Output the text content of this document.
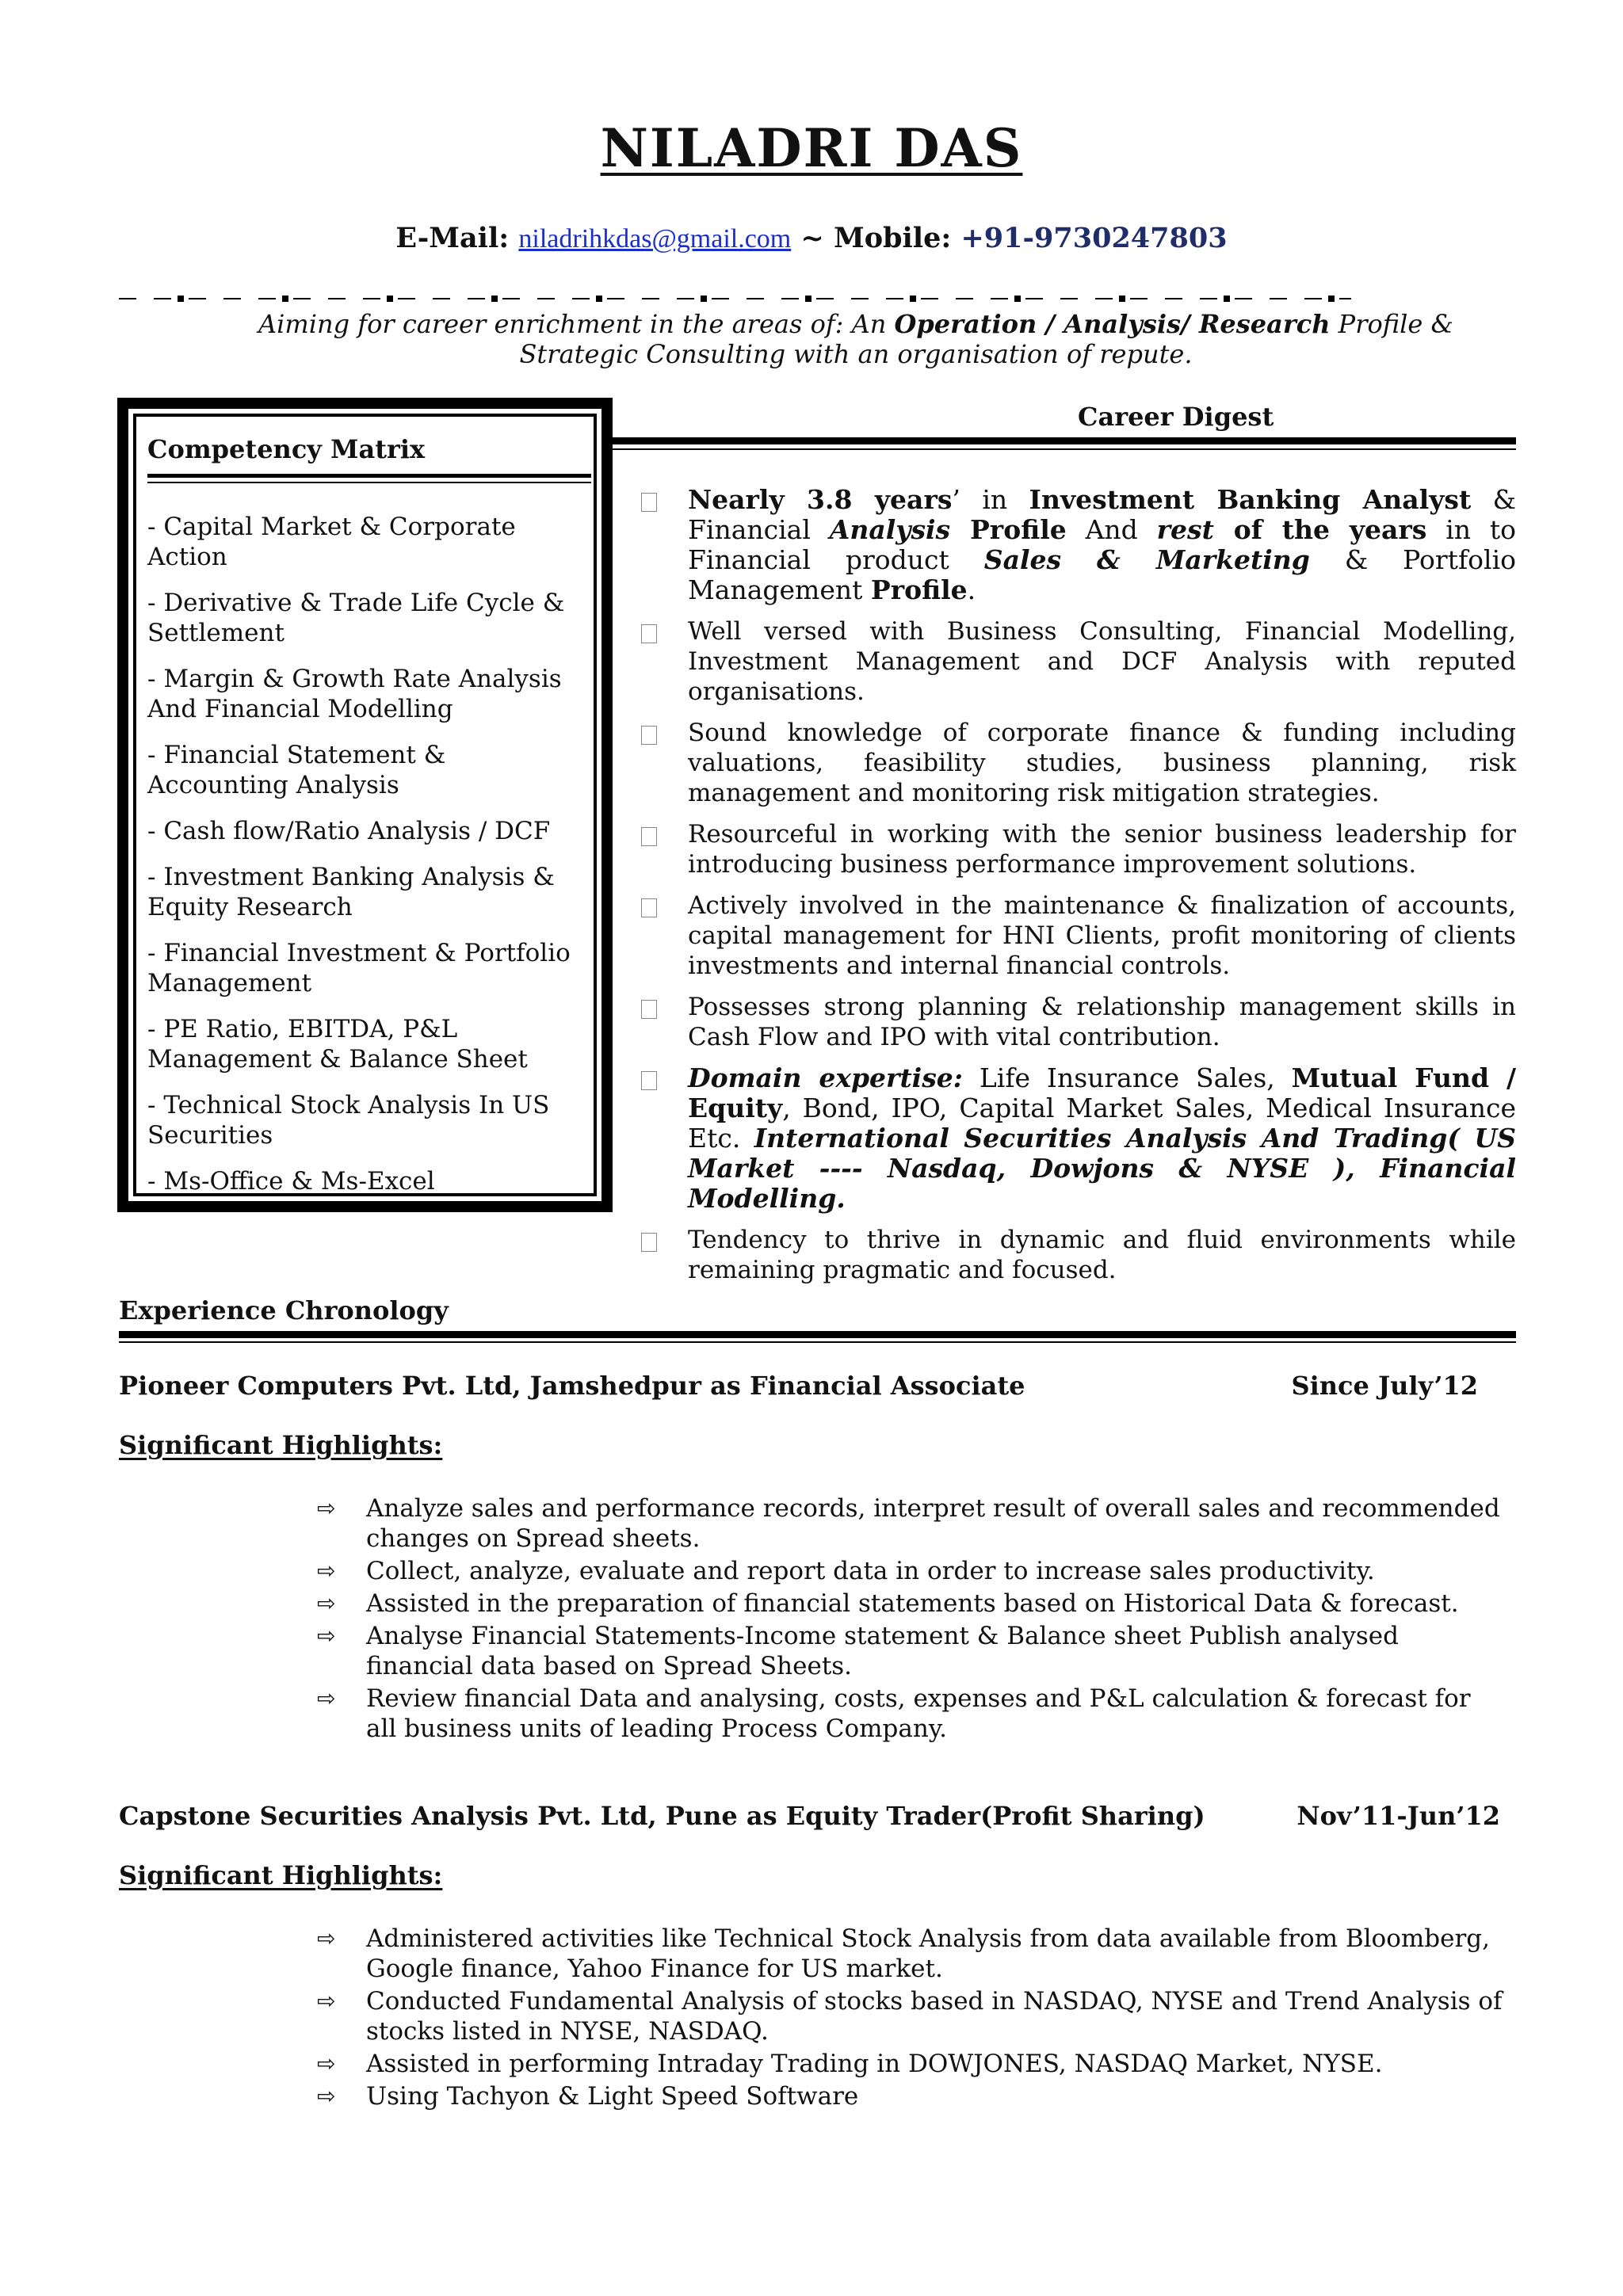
NILADRI DAS
E-Mail: niladrihkdas@gmail.com ~ Mobile: +91-9730247803
Aiming for career enrichment in the areas of: An Operation / Analysis/ Research Profile & Strategic Consulting with an organisation of repute.
Competency Matrix
- Capital Market & Corporate Action
- Derivative & Trade Life Cycle & Settlement
- Margin & Growth Rate Analysis And Financial Modelling
- Financial Statement & Accounting Analysis
- Cash flow/Ratio Analysis / DCF
- Investment Banking Analysis & Equity Research
- Financial Investment & Portfolio Management
- PE Ratio, EBITDA, P&L Management & Balance Sheet
- Technical Stock Analysis In US Securities
- Ms-Office & Ms-Excel
Career Digest
Nearly 3.8 years’ in Investment Banking Analyst & Financial Analysis Profile And rest of the years in to Financial product Sales & Marketing & Portfolio Management Profile.
Well versed with Business Consulting, Financial Modelling, Investment Management and DCF Analysis with reputed organisations.
Sound knowledge of corporate finance & funding including valuations, feasibility studies, business planning, risk management and monitoring risk mitigation strategies.
Resourceful in working with the senior business leadership for introducing business performance improvement solutions.
Actively involved in the maintenance & finalization of accounts, capital management for HNI Clients, profit monitoring of clients investments and internal financial controls.
Possesses strong planning & relationship management skills in Cash Flow and IPO with vital contribution.
Domain expertise: Life Insurance Sales, Mutual Fund / Equity, Bond, IPO, Capital Market Sales, Medical Insurance Etc. International Securities Analysis And Trading( US Market ---- Nasdaq, Dowjons & NYSE ), Financial Modelling.
Tendency to thrive in dynamic and fluid environments while remaining pragmatic and focused.
Experience Chronology
Pioneer Computers Pvt. Ltd, Jamshedpur as Financial Associate	Since July’12
Significant Highlights:
⇨ Analyze sales and performance records, interpret result of overall sales and recommended changes on Spread sheets.
⇨ Collect, analyze, evaluate and report data in order to increase sales productivity.
⇨ Assisted in the preparation of financial statements based on Historical Data & forecast.
⇨ Analyse Financial Statements-Income statement & Balance sheet Publish analysed financial data based on Spread Sheets.
⇨ Review financial Data and analysing, costs, expenses and P&L calculation & forecast for all business units of leading Process Company.
Capstone Securities Analysis Pvt. Ltd, Pune as Equity Trader(Profit Sharing)	Nov’11-Jun’12
Significant Highlights:
⇨ Administered activities like Technical Stock Analysis from data available from Bloomberg, Google finance, Yahoo Finance for US market.
⇨ Conducted Fundamental Analysis of stocks based in NASDAQ, NYSE and Trend Analysis of stocks listed in NYSE, NASDAQ.
⇨ Assisted in performing Intraday Trading in DOWJONES, NASDAQ Market, NYSE.
⇨ Using Tachyon & Light Speed Software
